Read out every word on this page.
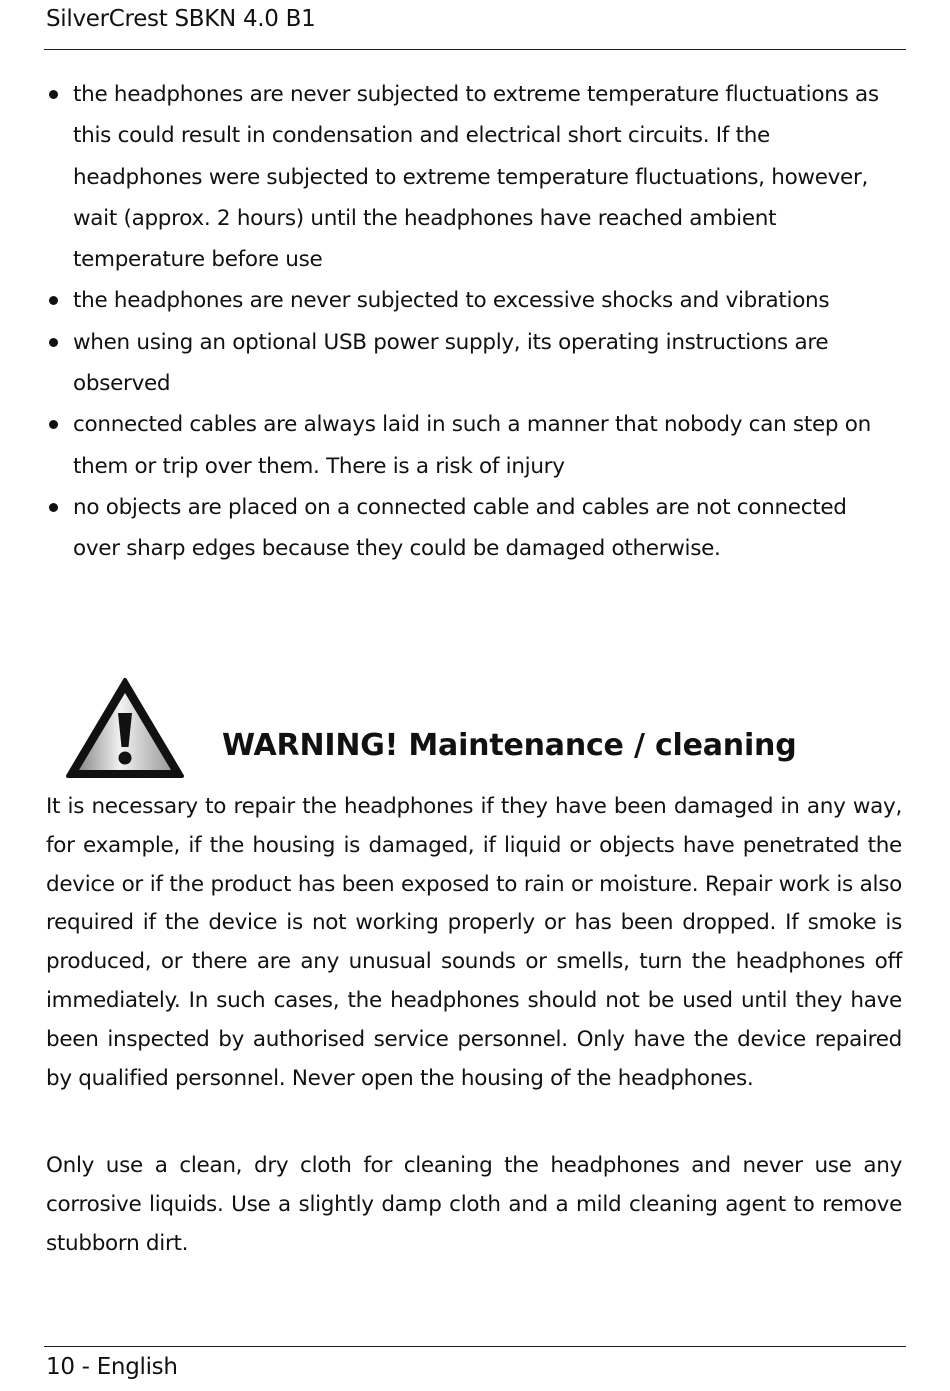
SilverCrest SBKN 4.0 B1
the headphones are never subjected to extreme temperature fluctuations as this could result in condensation and electrical short circuits. If the headphones were subjected to extreme temperature fluctuations, however, wait (approx. 2 hours) until the headphones have reached ambient temperature before use
the headphones are never subjected to excessive shocks and vibrations
when using an optional USB power supply, its operating instructions are observed
connected cables are always laid in such a manner that nobody can step on them or trip over them. There is a risk of injury
no objects are placed on a connected cable and cables are not connected over sharp edges because they could be damaged otherwise.
WARNING! Maintenance / cleaning

It is necessary to repair the headphones if they have been damaged in any way, for example, if the housing is damaged, if liquid or objects have penetrated the device or if the product has been exposed to rain or moisture. Repair work is also required if the device is not working properly or has been dropped. If smoke is produced, or there are any unusual sounds or smells, turn the headphones off immediately. In such cases, the headphones should not be used until they have been inspected by authorised service personnel. Only have the device repaired by qualified personnel. Never open the housing of the headphones.

Only use a clean, dry cloth for cleaning the headphones and never use any corrosive liquids. Use a slightly damp cloth and a mild cleaning agent to remove stubborn dirt.

10 - English
